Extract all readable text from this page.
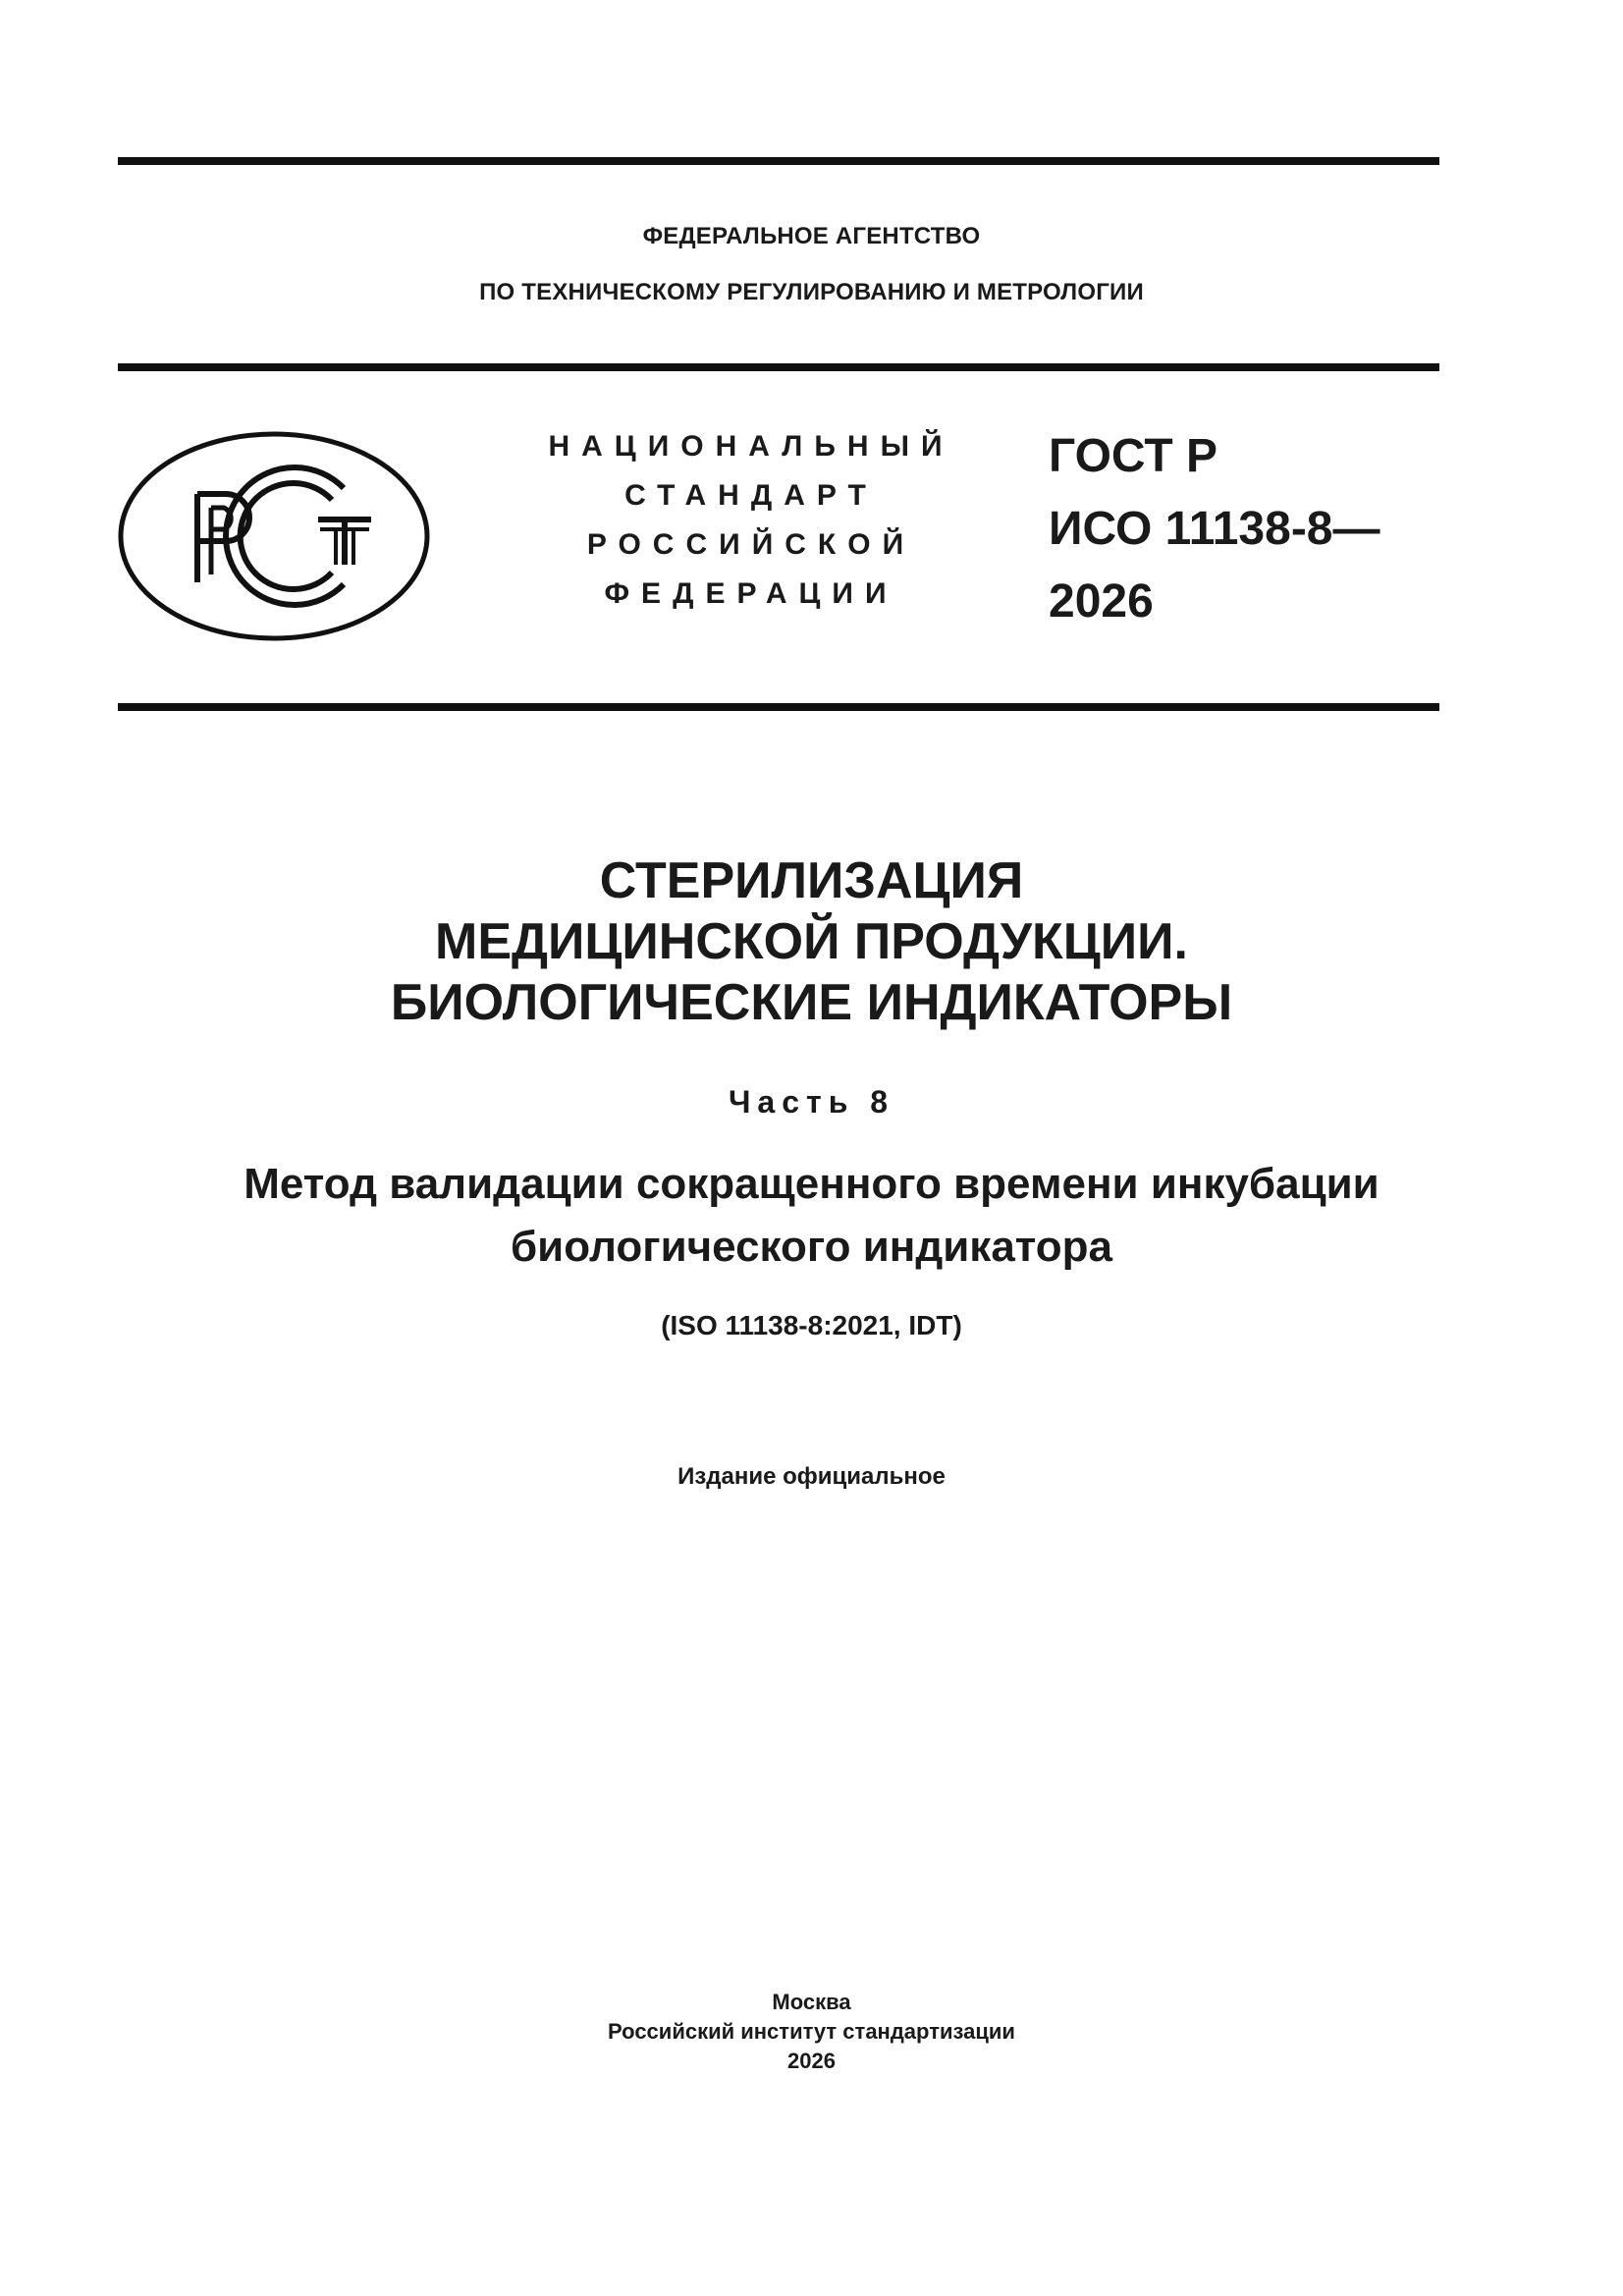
ФЕДЕРАЛЬНОЕ АГЕНТСТВО
ПО ТЕХНИЧЕСКОМУ РЕГУЛИРОВАНИЮ И МЕТРОЛОГИИ
НАЦИОНАЛЬНЫЙ
СТАНДАРТ
РОССИЙСКОЙ
ФЕДЕРАЦИИ
ГОСТ Р
ИСО 11138-8—
2026
СТЕРИЛИЗАЦИЯ
МЕДИЦИНСКОЙ ПРОДУКЦИИ.
БИОЛОГИЧЕСКИЕ ИНДИКАТОРЫ
Часть 8
Метод валидации сокращенного времени инкубации
биологического индикатора
(ISO 11138-8:2021, IDT)
Издание официальное
Москва
Российский институт стандартизации
2026
